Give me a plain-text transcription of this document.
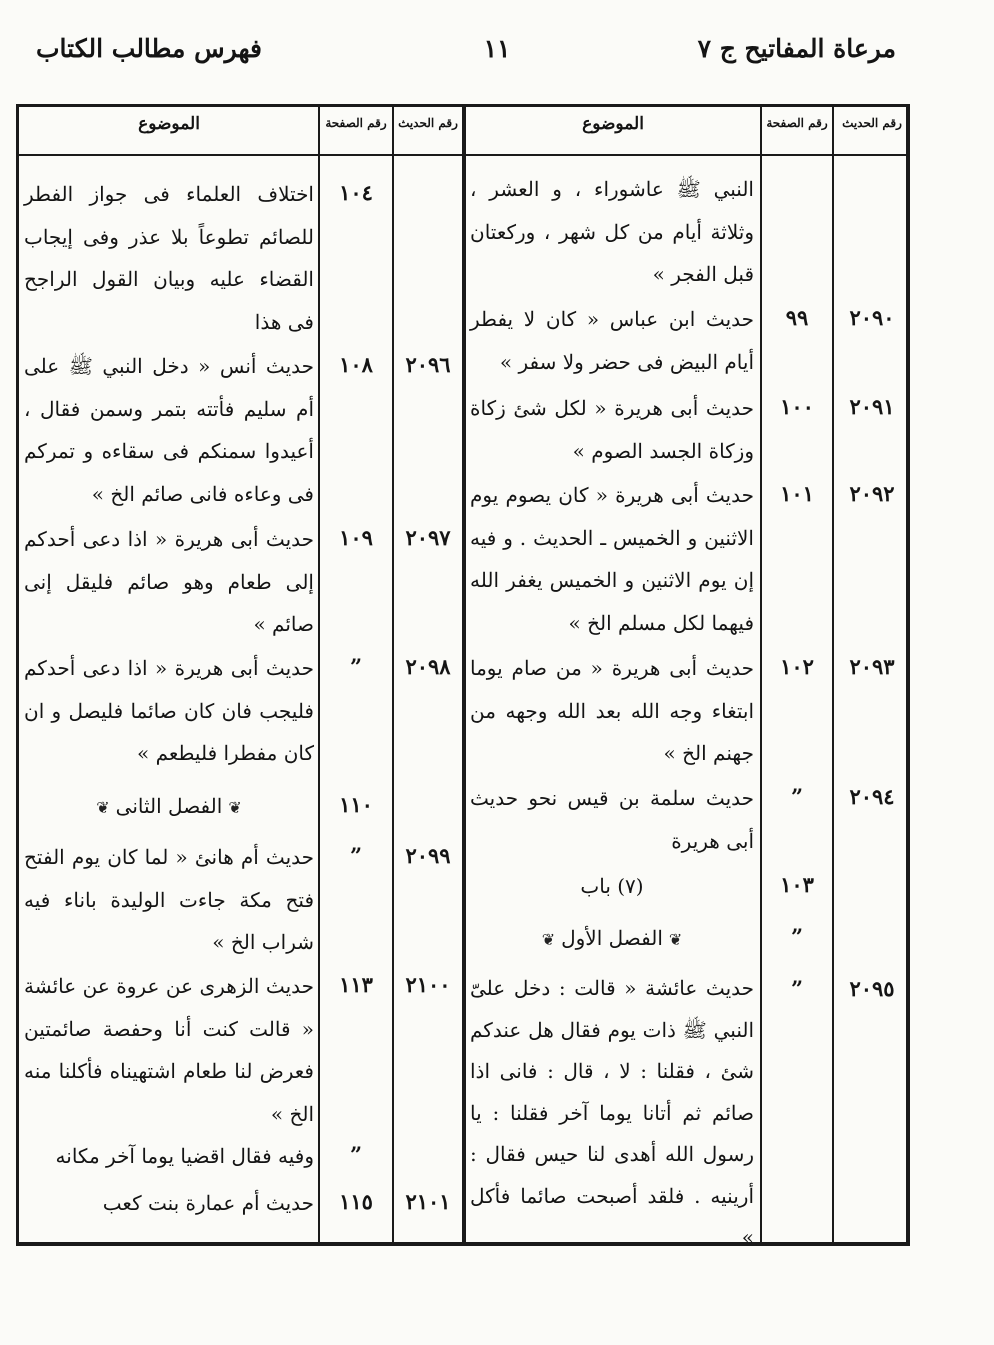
مرعاة المفاتيح ج ٧
١١
فهرس مطالب الكتاب
رقم الحديث
رقم الصفحة
الموضوع
رقم الحديث
رقم الصفحة
الموضوع
النبي ﷺ عاشوراء ، و العشر ، وثلاثة أيام من كل شهر ، وركعتان قبل الفجر »
٢٠٩٠
٩٩
حديث ابن عباس « كان لا يفطر أيام البيض فى حضر ولا سفر »
٢٠٩١
١٠٠
حديث أبى هريرة « لكل شئ زكاة وزكاة الجسد الصوم »
٢٠٩٢
١٠١
حديث أبى هريرة « كان يصوم يوم الاثنين و الخميس ـ الحديث . و فيه إن يوم الاثنين و الخميس يغفر الله فيهما لكل مسلم الخ »
٢٠٩٣
١٠٢
حديث أبى هريرة « من صام يوما ابتغاء وجه الله بعد الله وجهه من جهنم الخ »
٢٠٩٤
”
حديث سلمة بن قيس نحو حديث أبى هريرة
١٠٣
(٧) باب
”
❦الفصل الأول❦
٢٠٩٥
”
حديث عائشة « قالت : دخل علىّ النبي ﷺ ذات يوم فقال هل عندكم شئ ، فقلنا : لا ، قال : فانى اذا صائم ثم أتانا يوما آخر فقلنا : يا رسول الله أهدى لنا حيس فقال : أرينيه . فلقد أصبحت صائما فأكل »
١٠٤
اختلاف العلماء فى جواز الفطر للصائم تطوعاً بلا عذر وفى إيجاب القضاء عليه وبيان القول الراجح فى هذا
٢٠٩٦
١٠٨
حديث أنس « دخل النبي ﷺ على أم سليم فأتته بتمر وسمن فقال ، أعيدوا سمنكم فى سقاءه و تمركم فى وعاءه فانى صائم الخ »
٢٠٩٧
١٠٩
حديث أبى هريرة « اذا دعى أحدكم إلى طعام وهو صائم فليقل إنى صائم »
٢٠٩٨
”
حديث أبى هريرة « اذا دعى أحدكم فليجب فان كان صائما فليصل و ان كان مفطرا فليطعم »
١١٠
❦الفصل الثانى❦
٢٠٩٩
”
حديث أم هانئ « لما كان يوم الفتح فتح مكة جاءت الوليدة باناء فيه شراب الخ »
٢١٠٠
١١٣
حديث الزهرى عن عروة عن عائشة « قالت كنت أنا وحفصة صائمتين فعرض لنا طعام اشتهيناه فأكلنا منه الخ »
”
وفيه فقال اقضيا يوما آخر مكانه
٢١٠١
١١٥
حديث أم عمارة بنت كعب
